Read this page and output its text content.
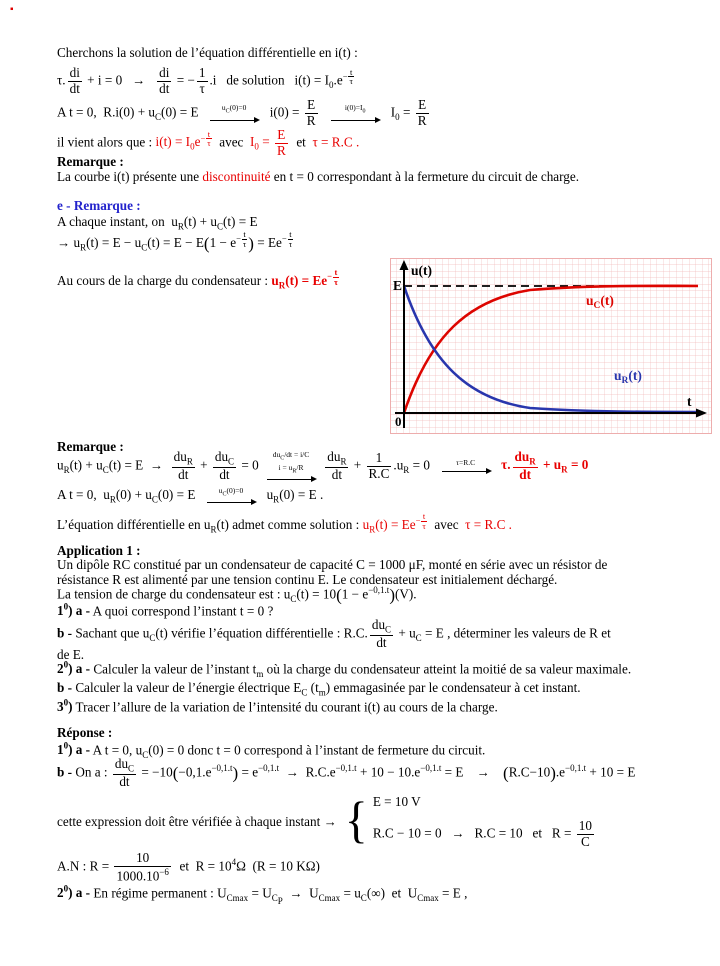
▪
Cherchons la solution de l’équation différentielle en i(t) :
τ. $\frac{di}{dt} + i = 0 \to \frac{di}{dt}$ = − $\frac{1}{\tau} .i$   de solution   $i(t) = I_0.e^{- \frac{t}{\tau}}$
A t = 0,  $R.i(0) + u_C(0) = E$ $u_C(0)=0$ $i(0) = \frac{E}{R}$
	$i(0)=I_0$ $I_0 = \frac{E}{R}$
il vient alors que : $i(t) = I_0e^{- \frac{t}{\tau}}$ avec  $I_0 = \frac{E}{R}$ et  τ = R.C .
Remarque :
La courbe i(t) présente une discontinuité en t = 0 correspondant à la fermeture du circuit de charge.
e - Remarque :
A chaque instant, on  $u_R(t) + u_C(t) = E$
→ $u_R(t) = E - u_C(t) = E - E(1 - e^{- \frac{t}{\tau}}$ ) = $Ee^{- \frac{t}{\tau}}$
Au cours de la charge du condensateur : $u_R(t) = Ee^{- \frac{t}{\tau}}$	u(t)
E
$u_C(t)$
$u_R(t)$
0
t
Remarque :
$u_R(t) + u_C(t) = E$  →
$du_R$
dt
+
$du_C$
dt
= 0
$du_C/dt = i/C$
$i = u_R/R$

$du_R$
dt
+ $\frac{1}{R.C} .u_R = 0$	τ=R.C τ.
$du_R$
dt
+ $u_R = 0$
A t = 0,  $u_R(0) + u_C(0) = E$ $u_C(0)=0$ $u_R(0) = E$ .
L’équation différentielle en $u_R(t)$ admet comme solution : $u_R(t) = Ee^{- \frac{t}{\tau}}$ avec  τ = R.C .
Application 1 :
Un dipôle RC constitué par un condensateur de capacité C = 1000 μF, monté en série avec un résistor de
résistance R est alimenté par une tension continu E. Le condensateur est initialement déchargé.
La tension de charge du condensateur est : $u_C(t) = 10(1 - e^{-0,1.t})(V)$.
$1^0$) a - A quoi correspond l’instant t = 0 ?
b - Sachant que $u_C(t)$ vérifie l’équation différentielle : R.C.
$du_C$
dt
+ $u_C = E$ , déterminer les valeurs de R et
de E.
$2^0$) a - Calculer la valeur de l’instant $t_m$ où la charge du condensateur atteint la moitié de sa valeur maximale.
b - Calculer la valeur de l’énergie électrique $E_C$ $(t_m)$ emmagasinée par le condensateur à cet instant.
$3^0$) Tracer l’allure de la variation de l’intensité du courant i(t) au cours de la charge.
Réponse :
$1^0$) a - A t = 0, $u_C(0) = 0$ donc t = 0 correspond à l’instant de fermeture du circuit.
b - On a :
$du_C$
dt
= $-10(-0,1.e^{-0,1.t}) = e^{-0,1.t} \to R.C.e^{-0,1.t} + 10 - 10.e^{-0,1.t} = E$    →    $(R.C-10).e^{-0,1.t} + 10 = E$
cette expression doit être vérifiée à chaque instant → { E = 10 V
R.C − 10 = 0   →   R.C = 10   et   $R = \frac{10}{C}$
A.N : $R = \frac{10}{1000.10^{-6}}$ et  $R = 10^4\Omega$  (R = 10 KΩ)
$2^0$) a - En régime permanent : $U_{Cmax} = U_{C_P} \to U_{Cmax} = u_C(\infty)$  et  $U_{Cmax} = E$ ,
